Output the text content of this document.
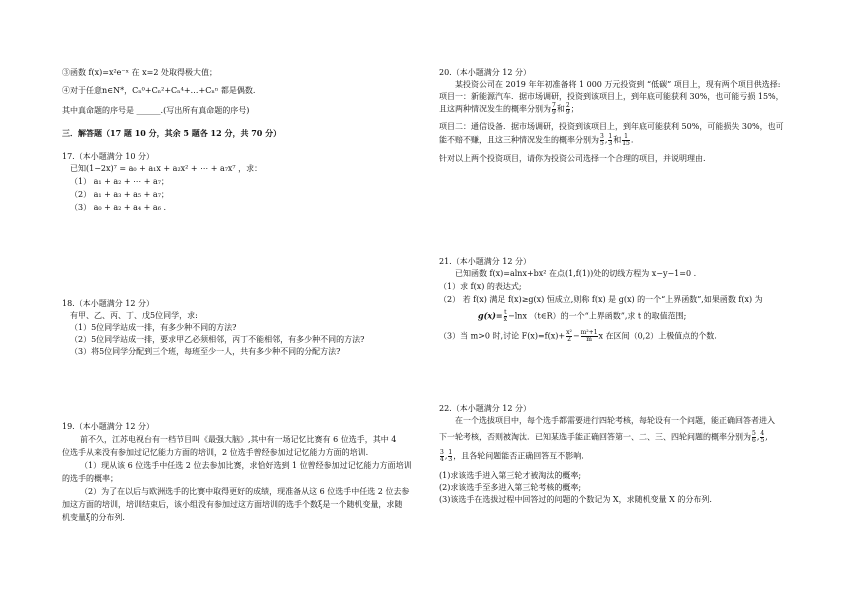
③函数 f(x)=x²e⁻ˣ 在 x=2 处取得极大值；
④对于任意n∈N*，Cₙ⁰+Cₙ²+Cₙ⁴+…+Cₙⁿ 都是偶数.
其中真命题的序号是 ______.(写出所有真命题的序号)
三．解答题（17 题 10 分，其余 5 题各 12 分，共 70 分）
17.（本小题满分 10 分）
已知(1−2x)⁷ = a₀ + a₁x + a₂x² + ⋯ + a₇x⁷ ，求：
（1） a₁ + a₂ + ⋯ + a₇；
（2） a₁ + a₃ + a₅ + a₇；
（3） a₀ + a₂ + a₄ + a₆ .
18.（本小题满分 12 分）
有甲、乙、丙、丁、戊5位同学，求:
（1）5位同学站成一排，有多少种不同的方法?
（2）5位同学站成一排，要求甲乙必须相邻，丙丁不能相邻，有多少种不同的方法?
（3）将5位同学分配到三个班，每班至少一人，共有多少种不同的分配方法?
19.（本小题满分 12 分）
前不久，江苏电视台有一档节目叫《最强大脑》,其中有一场记忆比赛有 6 位选手，其中 4
位选手从来没有参加过记忆能力方面的培训，2 位选手曾经参加过记忆能力方面的培训.
（1）现从该 6 位选手中任选 2 位去参加比赛，求恰好选到 1 位曾经参加过记忆能力方面培训
的选手的概率；
（2）为了在以后与欧洲选手的比赛中取得更好的成绩，现准备从这 6 位选手中任选 2 位去参
加这方面的培训，培训结束后，该小组没有参加过这方面培训的选手个数ξ是一个随机变量，求随
机变量ξ的分布列.
20.（本小题满分 12 分）
某投资公司在 2019 年年初准备将 1 000 万元投资到 “低碳” 项目上，现有两个项目供选择:
项目一：新能源汽车．据市场调研，投资到该项目上，到年底可能获利 30%，也可能亏损 15%，
且这两种情况发生的概率分别为 $\frac{7}{9}$ 和 $\frac{2}{9}$ ；
项目二：通信设备．据市场调研，投资到该项目上，到年底可能获利 50%，可能损失 30%，也可
能不赔不赚，且这三种情况发生的概率分别为 $\frac{3}{5}$ , $\frac{1}{3}$ 和 $\frac{1}{15}$ .
针对以上两个投资项目，请你为投资公司选择一个合理的项目，并说明理由.
21.（本小题满分 12 分）
已知函数 f(x)=alnx+bx² 在点(1,f(1))处的切线方程为 x−y−1=0 .
（1）求 f(x) 的表达式;
（2） 若 f(x) 满足 f(x)≥g(x) 恒成立,则称 f(x) 是 g(x) 的一个“上界函数”,如果函数 f(x) 为
$g(x)= \frac{t}{x} -\ln x$ （t∈R）的一个“上界函数”,求 t 的取值范围;
（3）当 m>0 时,讨论 $F(x)=f(x)+ \frac{\text{x²}}{2} - \frac{\text{m²+1}}{m}$ x 在区间（0,2）上极值点的个数.
22.（本小题满分 12 分）
在一个选拔项目中，每个选手都需要进行四轮考核，每轮设有一个问题，能正确回答者进入
下一轮考核，否则被淘汰．已知某选手能正确回答第一、二、三、四轮问题的概率分别为 $\frac{5}{6}$ , $\frac{4}{5}$ ,
$\frac{3}{4}$ , $\frac{1}{3}$ ，且各轮问题能否正确回答互不影响.
(1)求该选手进入第三轮才被淘汰的概率;
(2)求该选手至多进入第三轮考核的概率;
(3)该选手在选拔过程中回答过的问题的个数记为 X，求随机变量 X 的分布列.
